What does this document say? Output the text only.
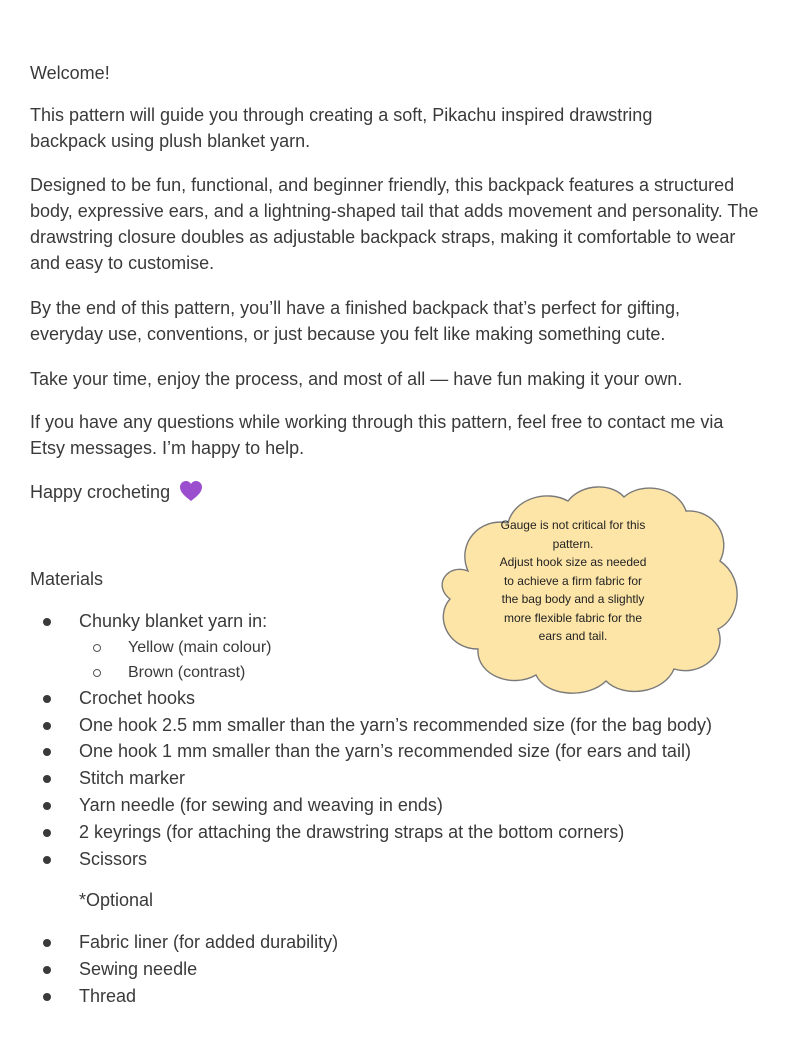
Welcome!

This pattern will guide you through creating a soft, Pikachu inspired drawstring backpack using plush blanket yarn.

Designed to be fun, functional, and beginner friendly, this backpack features a structured body, expressive ears, and a lightning-shaped tail that adds movement and personality. The drawstring closure doubles as adjustable backpack straps, making it comfortable to wear and easy to customise.

By the end of this pattern, you’ll have a finished backpack that’s perfect for gifting, everyday use, conventions, or just because you felt like making something cute.

Take your time, enjoy the process, and most of all — have fun making it your own.

If you have any questions while working through this pattern, feel free to contact me via Etsy messages. I’m happy to help.

Happy crocheting

Materials

Gauge is not critical for this
pattern.
Adjust hook size as needed
to achieve a firm fabric for
the bag body and a slightly
more flexible fabric for the
ears and tail.
Chunky blanket yarn in:
Yellow (main colour)
Brown (contrast)
Crochet hooks
One hook 2.5 mm smaller than the yarn’s recommended size (for the bag body)
One hook 1 mm smaller than the yarn’s recommended size (for ears and tail)
Stitch marker
Yarn needle (for sewing and weaving in ends)
2 keyrings (for attaching the drawstring straps at the bottom corners)
Scissors

*Optional

Fabric liner (for added durability)
Sewing needle
Thread
